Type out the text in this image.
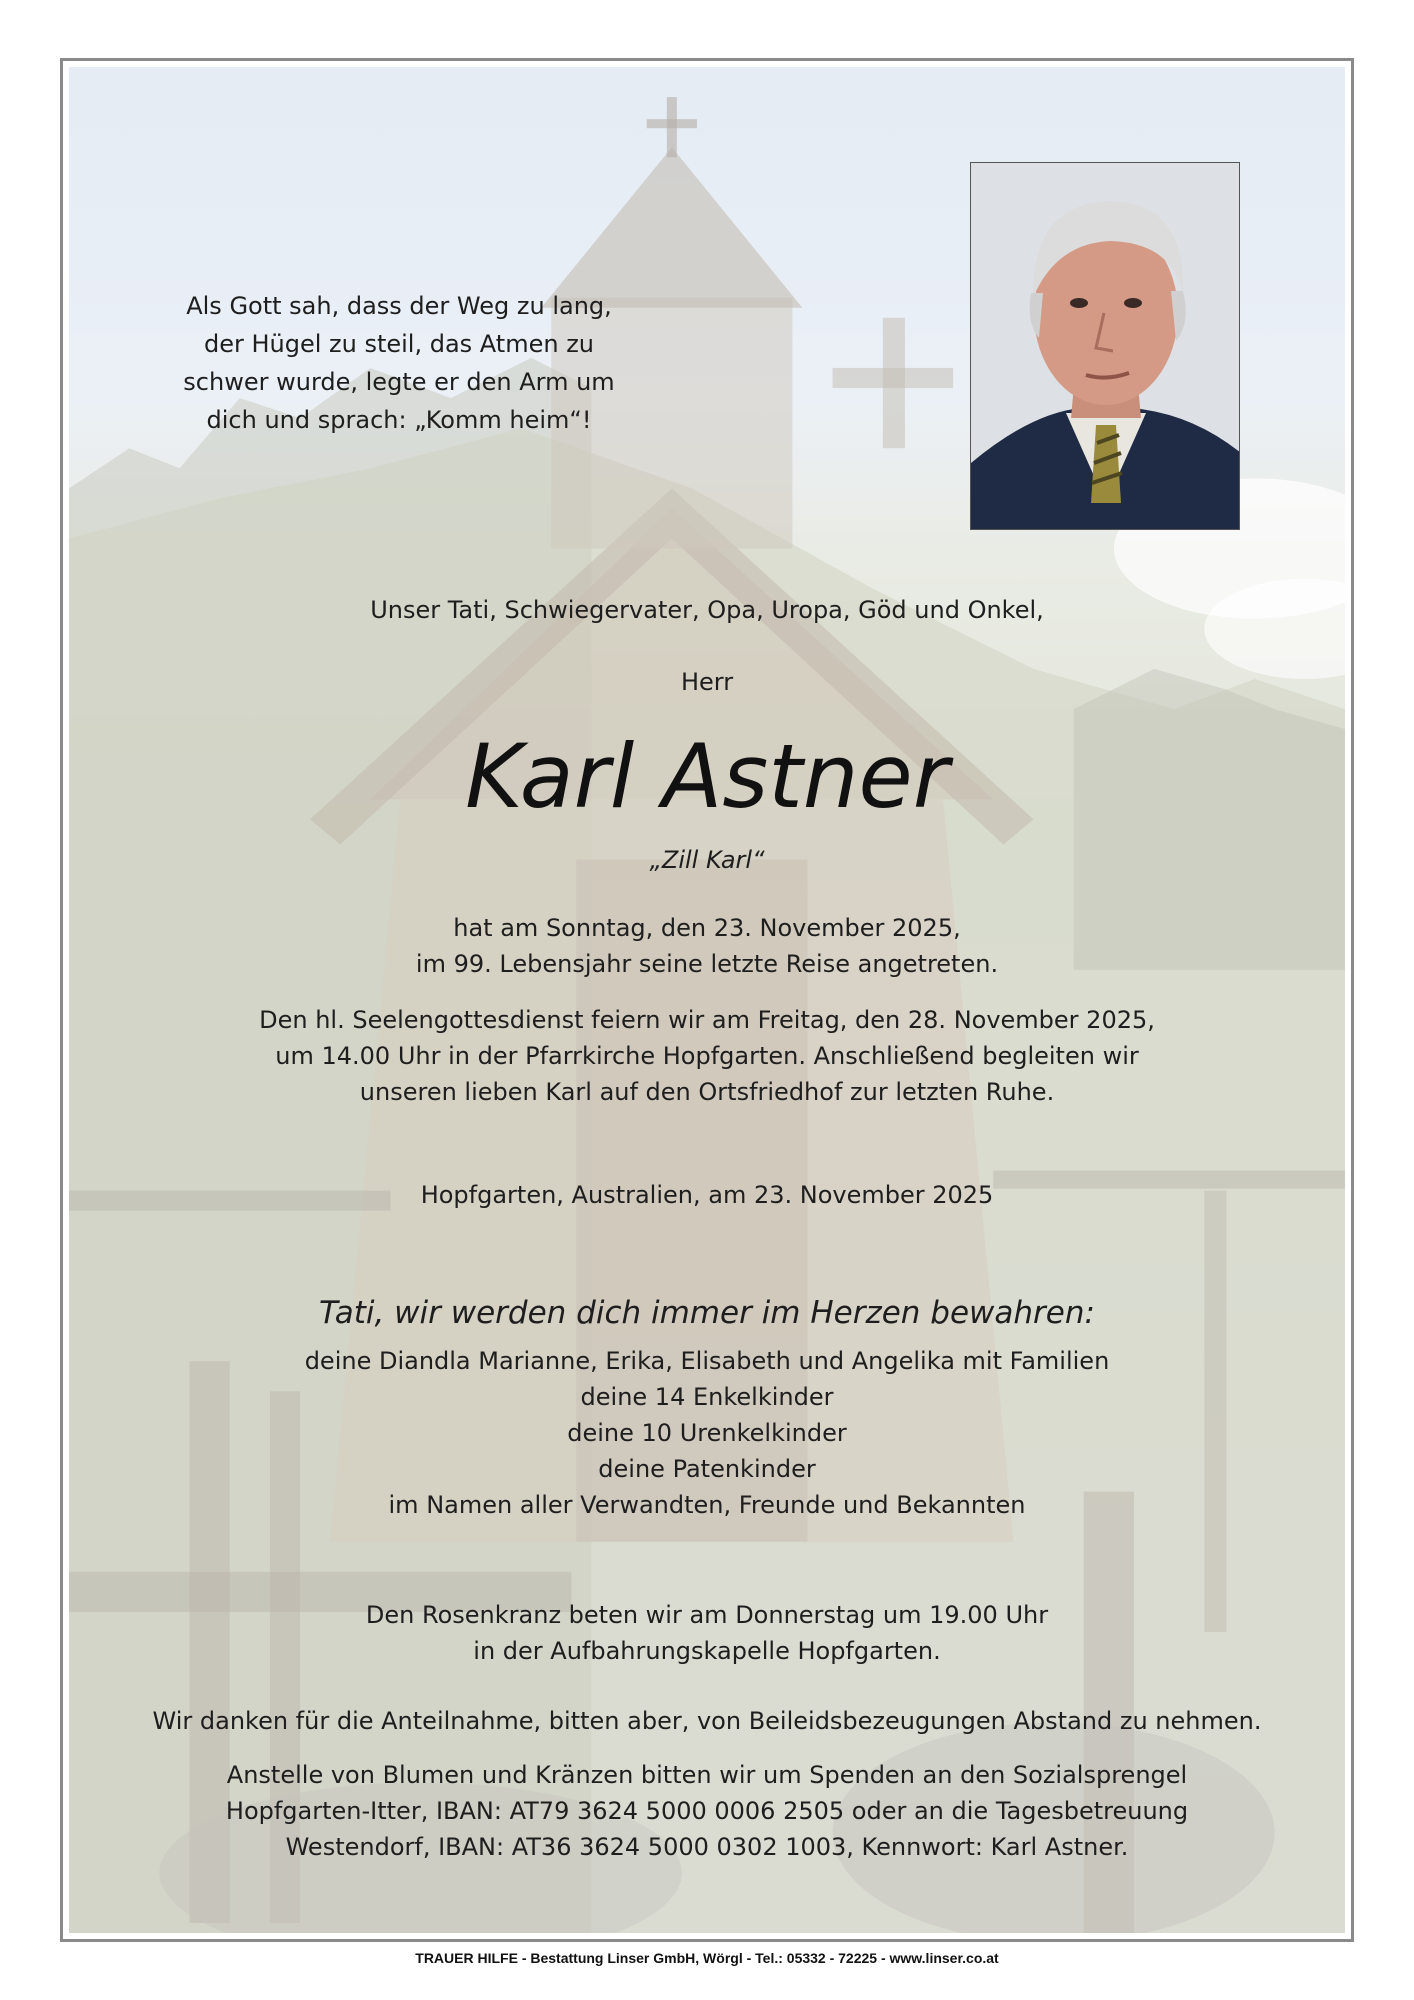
Als Gott sah, dass der Weg zu lang,
der Hügel zu steil, das Atmen zu
schwer wurde, legte er den Arm um
dich und sprach: „Komm heim“!
Unser Tati, Schwiegervater, Opa, Uropa, Göd und Onkel,
Herr
Karl Astner
„Zill Karl“
hat am Sonntag, den 23. November 2025,
im 99. Lebensjahr seine letzte Reise angetreten.
Den hl. Seelengottesdienst feiern wir am Freitag, den 28. November 2025,
um 14.00 Uhr in der Pfarrkirche Hopfgarten. Anschließend begleiten wir
unseren lieben Karl auf den Ortsfriedhof zur letzten Ruhe.
Hopfgarten, Australien, am 23. November 2025
Tati, wir werden dich immer im Herzen bewahren:
deine Diandla Marianne, Erika, Elisabeth und Angelika mit Familien
deine 14 Enkelkinder
deine 10 Urenkelkinder
deine Patenkinder
im Namen aller Verwandten, Freunde und Bekannten
Den Rosenkranz beten wir am Donnerstag um 19.00 Uhr
in der Aufbahrungskapelle Hopfgarten.
Wir danken für die Anteilnahme, bitten aber, von Beileidsbezeugungen Abstand zu nehmen.
Anstelle von Blumen und Kränzen bitten wir um Spenden an den Sozialsprengel
Hopfgarten-Itter, IBAN: AT79 3624 5000 0006 2505 oder an die Tagesbetreuung
Westendorf, IBAN: AT36 3624 5000 0302 1003, Kennwort: Karl Astner.
TRAUER HILFE - Bestattung Linser GmbH, Wörgl - Tel.: 05332 - 72225 - www.linser.co.at
